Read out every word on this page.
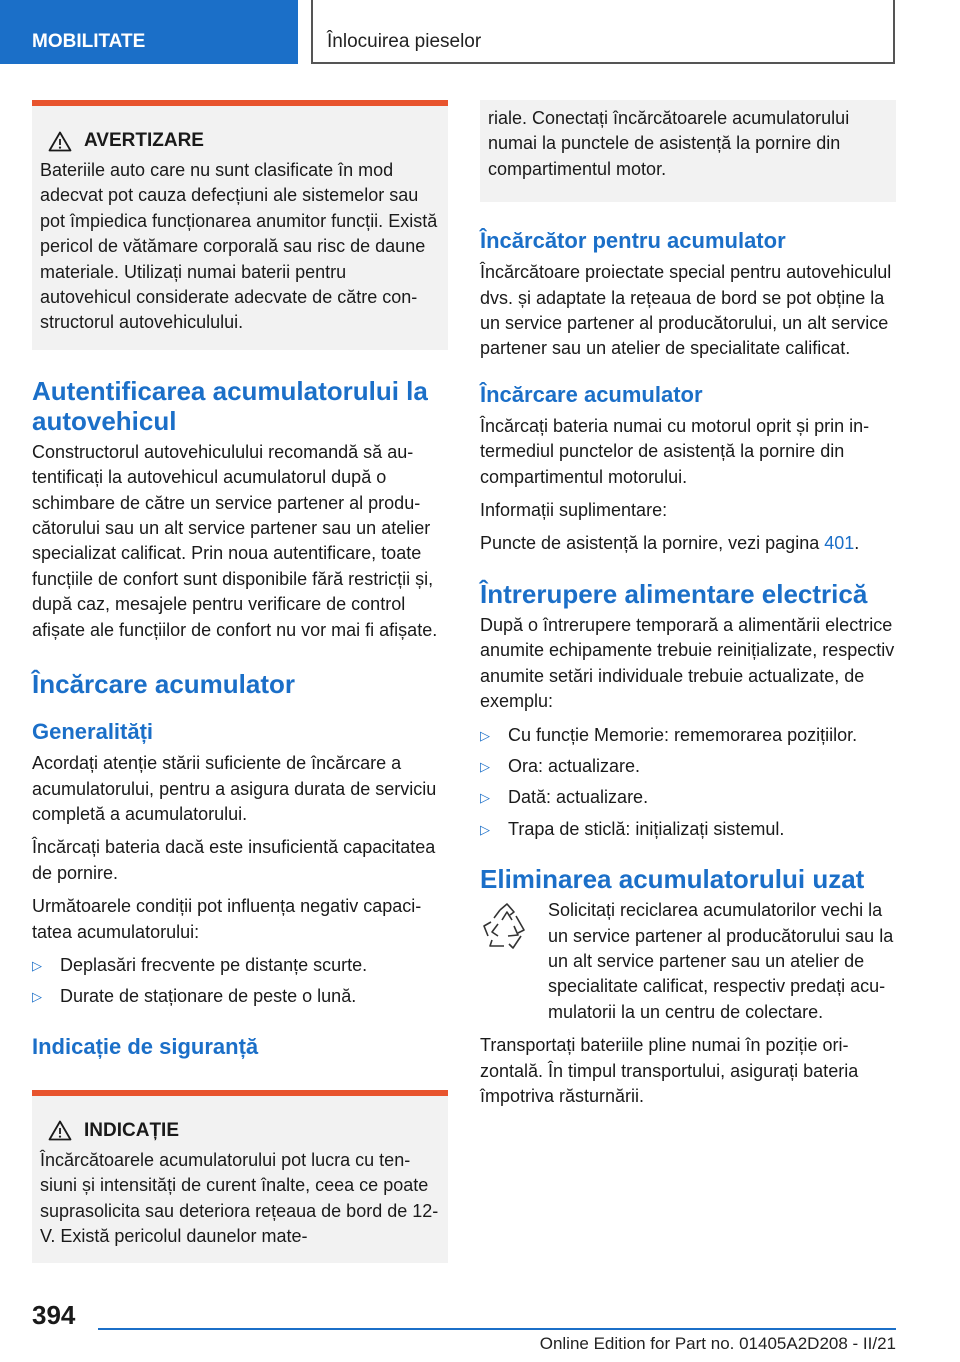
MOBILITATE	Înlocuirea pieselor
AVERTIZARE

Bateriile auto care nu sunt clasificate în mod adecvat pot cauza defecțiuni ale sistemelor sau pot împiedica funcționarea anumitor funcții. Există pericol de vătămare corporală sau risc de daune materiale. Utilizați numai baterii pentru autovehicul considerate adecvate de către constructorul autovehiculului.

Autentificarea acumulatorului la autovehicul

Constructorul autovehiculului recomandă să autentificați la autovehicul acumulatorul după o schimbare de către un service partener al producătorului sau un alt service partener sau un atelier specializat calificat. Prin noua autentificare, toate funcțiile de confort sunt disponibile fără restricții și, după caz, mesajele pentru verificare de control afișate ale funcțiilor de confort nu vor mai fi afișate.

Încărcare acumulator
Generalități

Acordați atenție stării suficiente de încărcare a acumulatorului, pentru a asigura durata de serviciu completă a acumulatorului.

Încărcați bateria dacă este insuficientă capacitatea de pornire.

Următoarele condiții pot influența negativ capacitatea acumulatorului:

▷	Deplasări frecvente pe distanțe scurte.
▷	Durate de staționare de peste o lună.
Indicație de siguranță
INDICAȚIE

Încărcătoarele acumulatorului pot lucra cu tensiuni și intensități de curent înalte, ceea ce poate suprasolicita sau deteriora rețeaua de bord de 12-V. Există pericolul daunelor mate-

riale. Conectați încărcătoarele acumulatorului numai la punctele de asistență la pornire din compartimentul motor.

Încărcător pentru acumulator

Încărcătoare proiectate special pentru autovehiculul dvs. și adaptate la rețeaua de bord se pot obține la un service partener al producătorului, un alt service partener sau un atelier de specialitate calificat.

Încărcare acumulator

Încărcați bateria numai cu motorul oprit și prin intermediul punctelor de asistență la pornire din compartimentul motorului.

Informații suplimentare:

Puncte de asistență la pornire, vezi pagina 401.

Întrerupere alimentare electrică

După o întrerupere temporară a alimentării electrice anumite echipamente trebuie reinițializate, respectiv anumite setări individuale trebuie actualizate, de exemplu:

▷	Cu funcție Memorie: rememorarea pozițiilor.
▷	Ora: actualizare.
▷	Dată: actualizare.
▷	Trapa de sticlă: inițializați sistemul.
Eliminarea acumulatorului uzat

Solicitați reciclarea acumulatorilor vechi la un service partener al producătorului sau la un alt service partener sau un atelier de specialitate calificat, respectiv predați acumulatorii la un centru de colectare.

Transportați bateriile pline numai în poziție orizontală. În timpul transportului, asigurați bateria împotriva răsturnării.

394
Online Edition for Part no. 01405A2D208 - II/21
